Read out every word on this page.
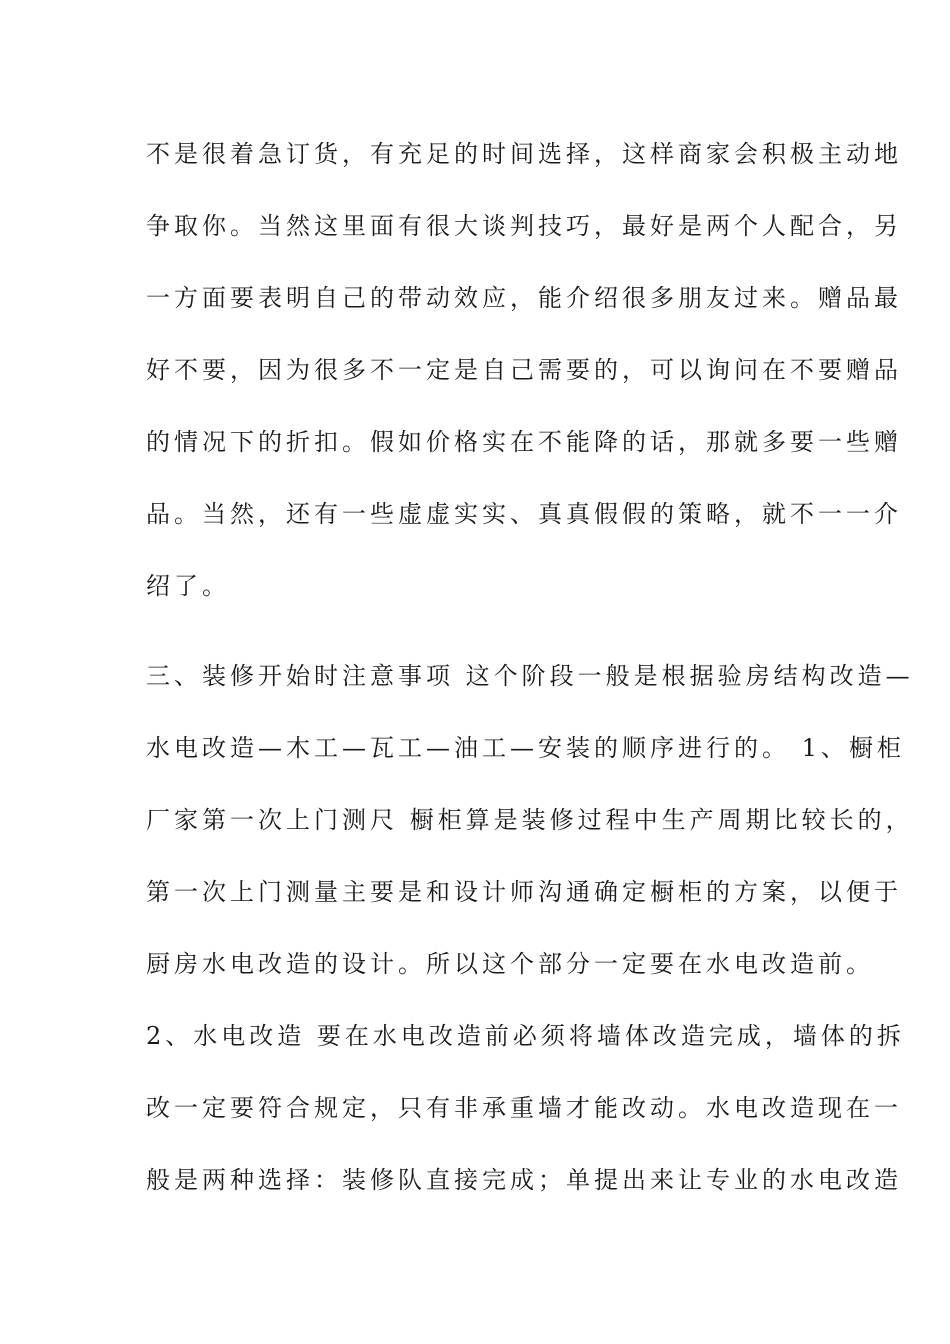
不是很着急订货，有充足的时间选择，这样商家会积极主动地
争取你。当然这里面有很大谈判技巧，最好是两个人配合，另
一方面要表明自己的带动效应，能介绍很多朋友过来。赠品最
好不要，因为很多不一定是自己需要的，可以询问在不要赠品
的情况下的折扣。假如价格实在不能降的话，那就多要一些赠
品。当然，还有一些虚虚实实、真真假假的策略，就不一一介
绍了。
三、装修开始时注意事项 这个阶段一般是根据验房结构改造—
水电改造—木工—瓦工—油工—安装的顺序进行的。 1、橱柜
厂家第一次上门测尺 橱柜算是装修过程中生产周期比较长的，
第一次上门测量主要是和设计师沟通确定橱柜的方案，以便于
厨房水电改造的设计。所以这个部分一定要在水电改造前。
2、水电改造 要在水电改造前必须将墙体改造完成，墙体的拆
改一定要符合规定，只有非承重墙才能改动。水电改造现在一
般是两种选择：装修队直接完成；单提出来让专业的水电改造
